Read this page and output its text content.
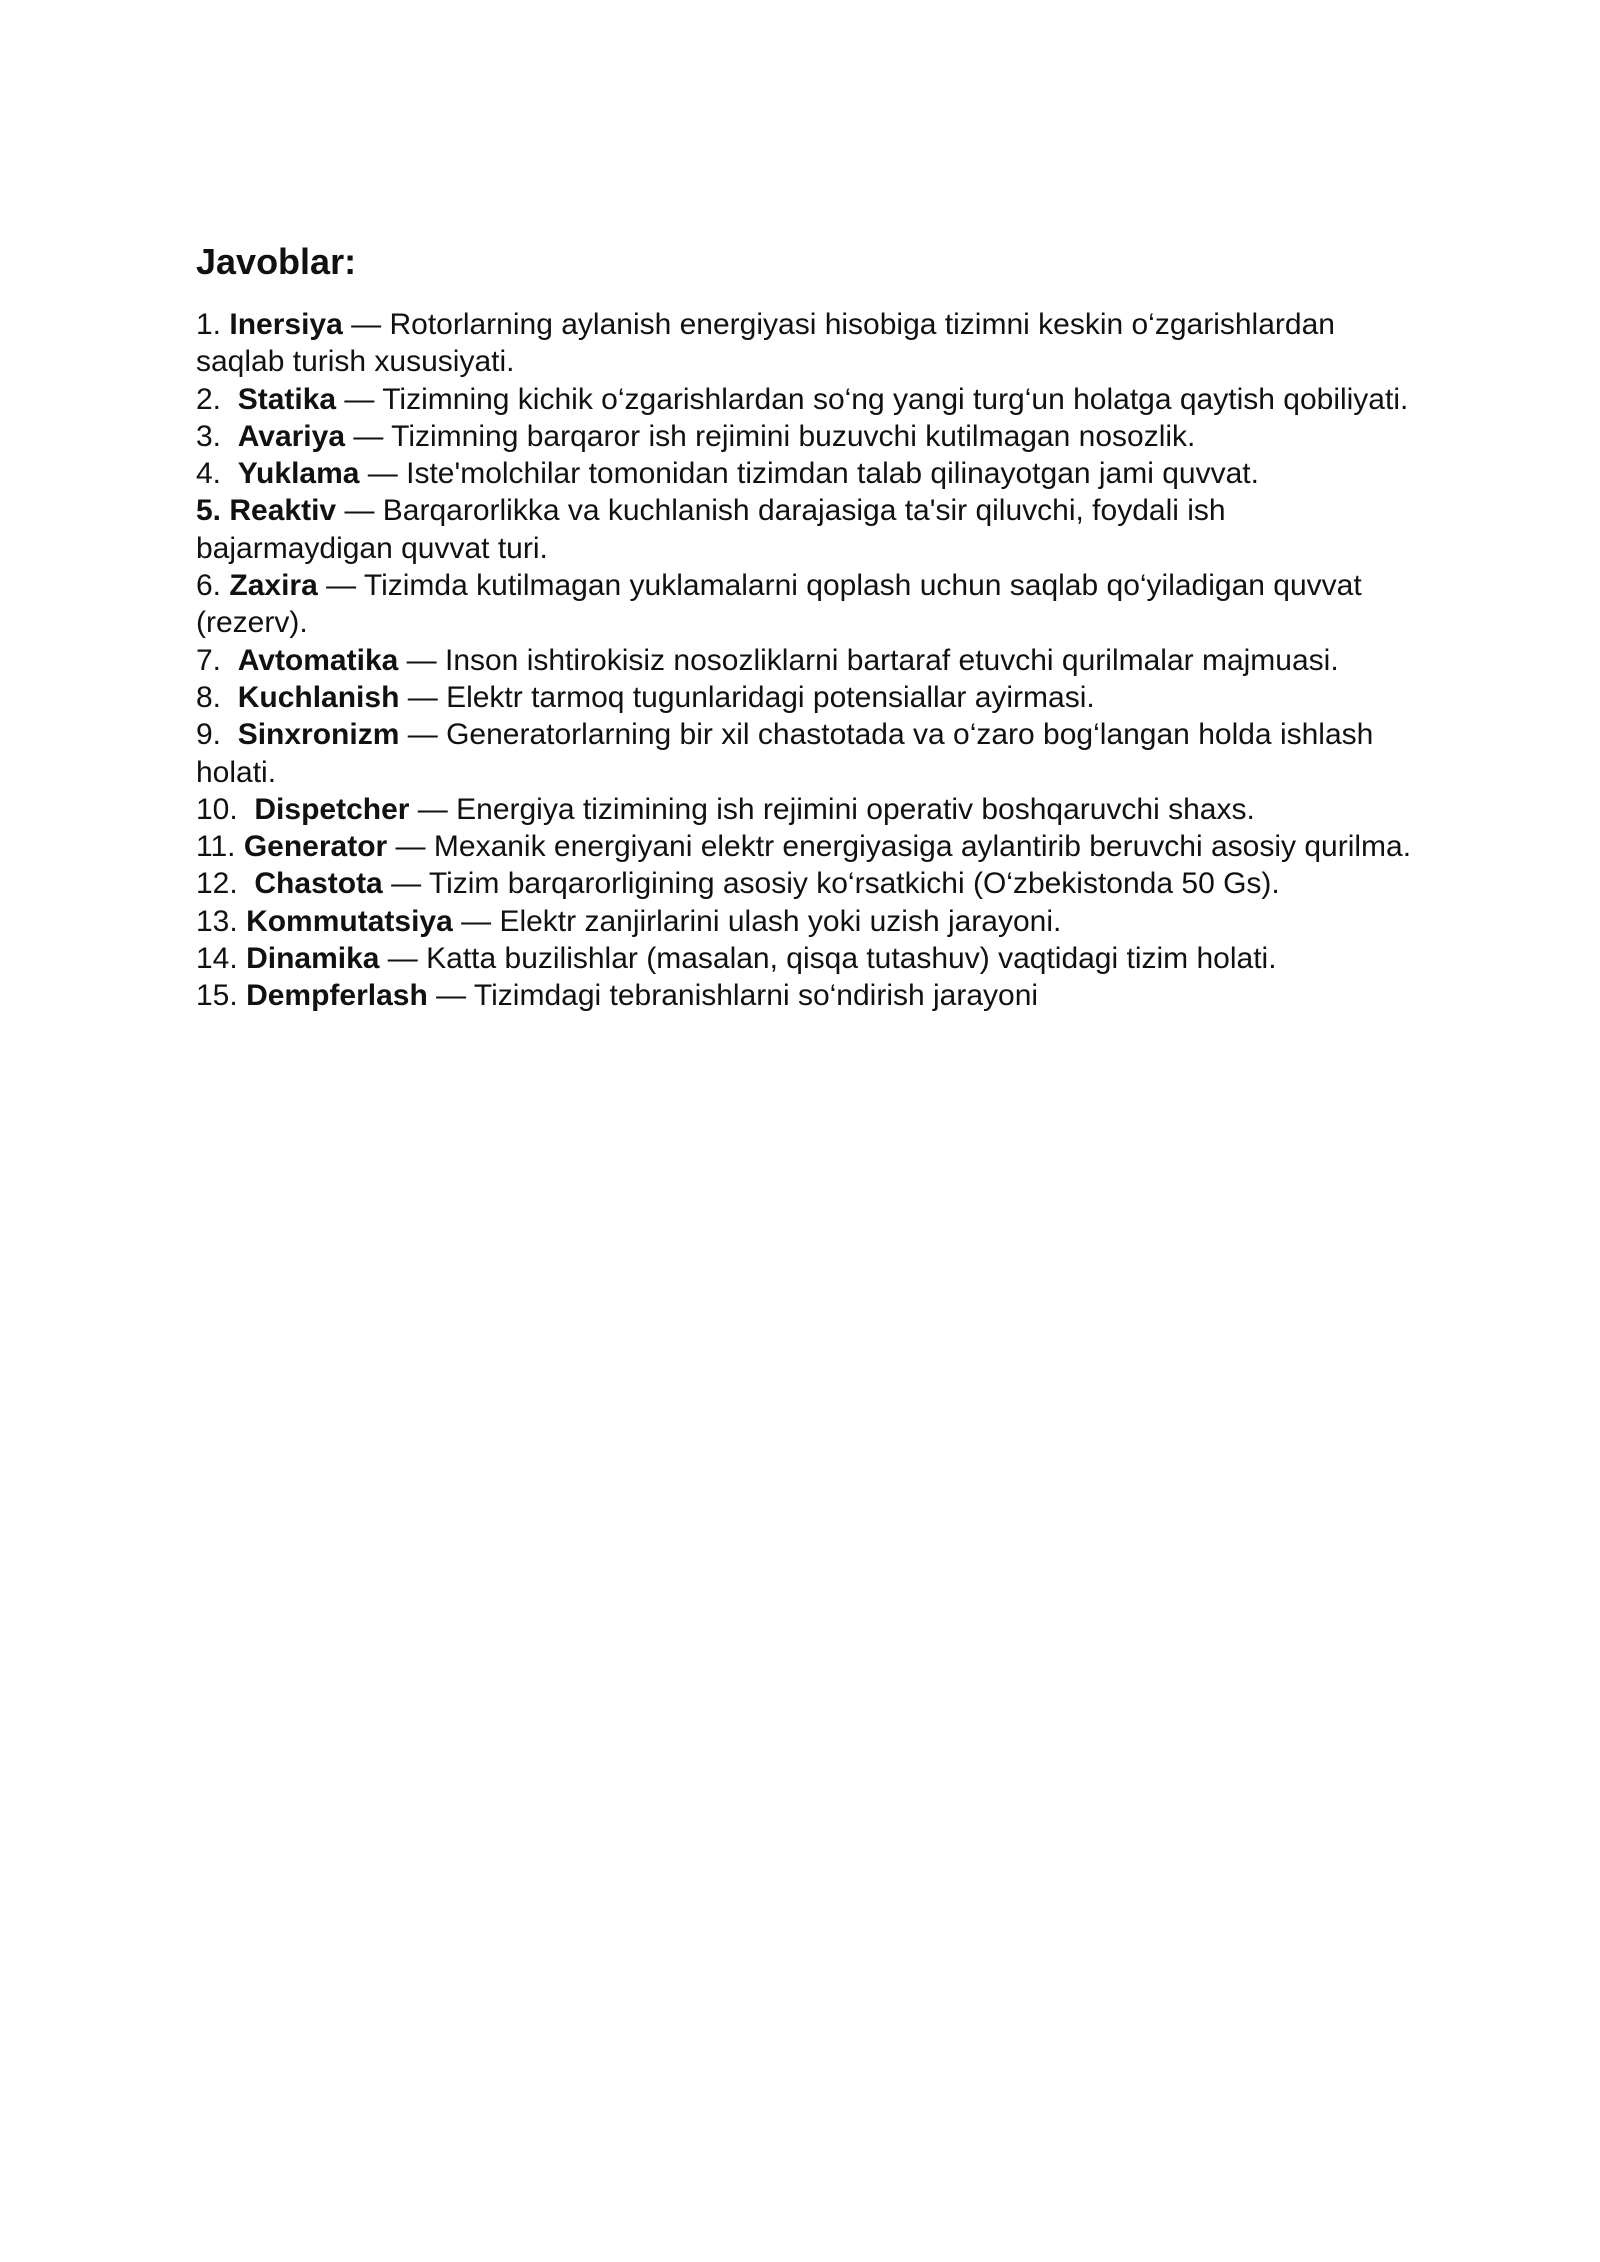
Javoblar:

1. Inersiya — Rotorlarning aylanish energiyasi hisobiga tizimni keskin o‘zgarishlardan saqlab turish xususiyati.

2. Statika — Tizimning kichik o‘zgarishlardan so‘ng yangi turg‘un holatga qaytish qobiliyati.

3. Avariya — Tizimning barqaror ish rejimini buzuvchi kutilmagan nosozlik.

4. Yuklama — Iste'molchilar tomonidan tizimdan talab qilinayotgan jami quvvat.

5. Reaktiv — Barqarorlikka va kuchlanish darajasiga ta'sir qiluvchi, foydali ish bajarmaydigan quvvat turi.

6. Zaxira — Tizimda kutilmagan yuklamalarni qoplash uchun saqlab qo‘yiladigan quvvat (rezerv).

7. Avtomatika — Inson ishtirokisiz nosozliklarni bartaraf etuvchi qurilmalar majmuasi.

8. Kuchlanish — Elektr tarmoq tugunlaridagi potensiallar ayirmasi.

9. Sinxronizm — Generatorlarning bir xil chastotada va o‘zaro bog‘langan holda ishlash holati.

10. Dispetcher — Energiya tizimining ish rejimini operativ boshqaruvchi shaxs.

11. Generator — Mexanik energiyani elektr energiyasiga aylantirib beruvchi asosiy qurilma.

12. Chastota — Tizim barqarorligining asosiy ko‘rsatkichi (O‘zbekistonda 50 Gs).

13. Kommutatsiya — Elektr zanjirlarini ulash yoki uzish jarayoni.

14. Dinamika — Katta buzilishlar (masalan, qisqa tutashuv) vaqtidagi tizim holati.

15. Dempferlash — Tizimdagi tebranishlarni so‘ndirish jarayoni
